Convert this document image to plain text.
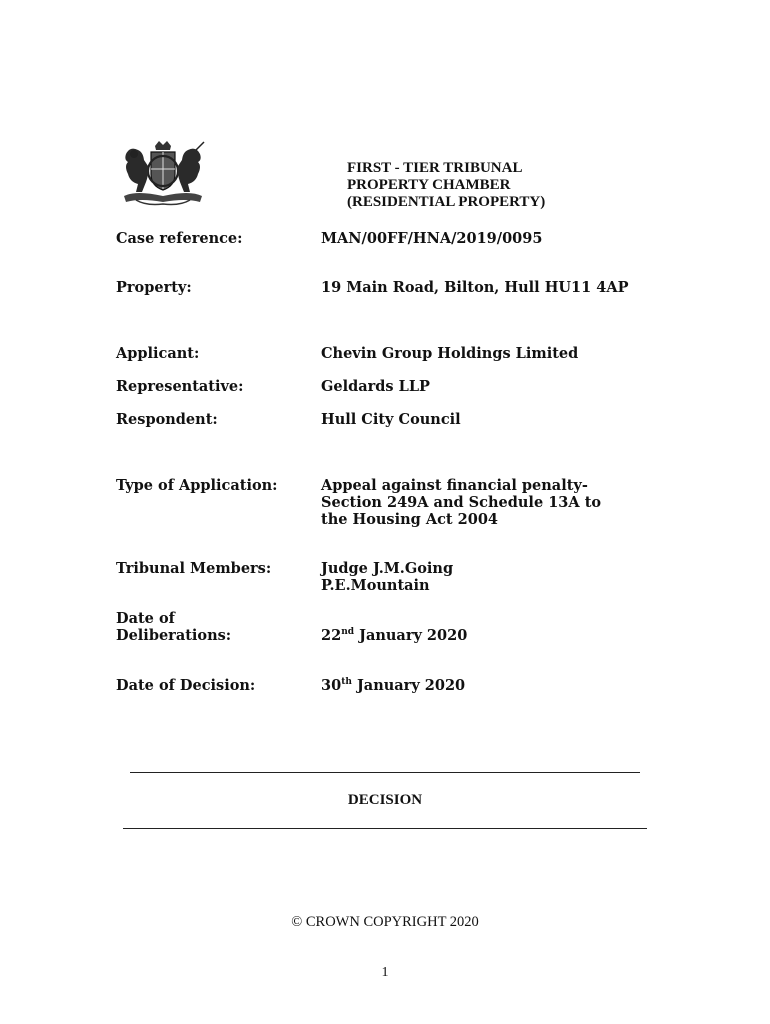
FIRST - TIER TRIBUNAL
PROPERTY CHAMBER
(RESIDENTIAL PROPERTY)
Case reference:	MAN/00FF/HNA/2019/0095
Property:	19 Main Road, Bilton, Hull HU11 4AP
Applicant:	Chevin Group Holdings Limited
Representative:	Geldards LLP
Respondent:	Hull City Council
Type of Application:	Appeal against financial penalty-
Section 249A and Schedule 13A to
the Housing Act 2004
Tribunal Members:	Judge J.M.Going
P.E.Mountain
Date of
Deliberations:	22nd January 2020
Date of Decision:	30th January 2020
DECISION
© CROWN COPYRIGHT 2020
1
